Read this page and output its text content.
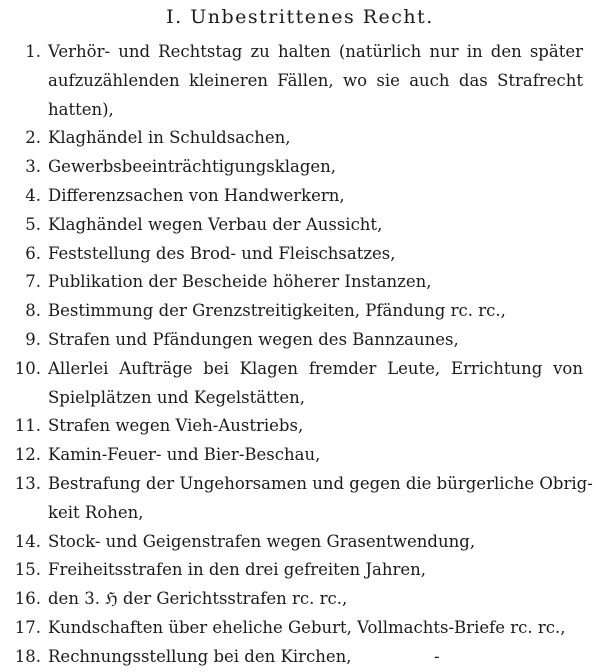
I. Unbestrittenes Recht.
1. Verhör- und Rechtstag zu halten (natürlich nur in den später
aufzuzählenden kleineren Fällen, wo sie auch das Strafrecht
hatten),
2. Klaghändel in Schuldsachen,
3. Gewerbsbeeinträchtigungsklagen,
4. Differenzsachen von Handwerkern,
5. Klaghändel wegen Verbau der Aussicht,
6. Feststellung des Brod- und Fleischsatzes,
7. Publikation der Bescheide höherer Instanzen,
8. Bestimmung der Grenzstreitigkeiten, Pfändung rc. rc.,
9. Strafen und Pfändungen wegen des Bannzaunes,
10. Allerlei Aufträge bei Klagen fremder Leute, Errichtung von
Spielplätzen und Kegelstätten,
11. Strafen wegen Vieh-Austriebs,
12. Kamin-Feuer- und Bier-Beschau,
13. Bestrafung der Ungehorsamen und gegen die bürgerliche Obrig-
keit Rohen,
14. Stock- und Geigenstrafen wegen Grasentwendung,
15. Freiheitsstrafen in den drei gefreiten Jahren,
16. den 3. ℌ der Gerichtsstrafen rc. rc.,
17. Kundschaften über eheliche Geburt, Vollmachts-Briefe rc. rc.,
18. Rechnungsstellung bei den Kirchen,	-
